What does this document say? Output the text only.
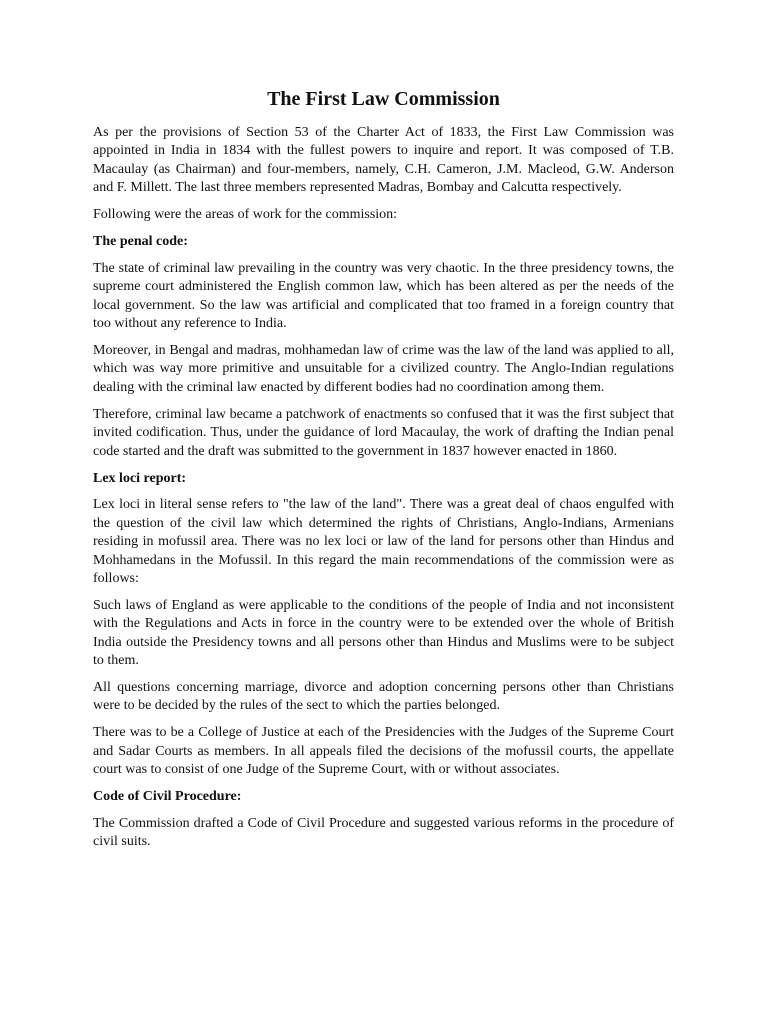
The First Law Commission

As per the provisions of Section 53 of the Charter Act of 1833, the First Law Commission was appointed in India in 1834 with the fullest powers to inquire and report. It was composed of T.B. Macaulay (as Chairman) and four-members, namely, C.H. Cameron, J.M. Macleod, G.W. Anderson and F. Millett. The last three members represented Madras, Bombay and Calcutta respectively.

Following were the areas of work for the commission:

The penal code:

The state of criminal law prevailing in the country was very chaotic. In the three presidency towns, the supreme court administered the English common law, which has been altered as per the needs of the local government. So the law was artificial and complicated that too framed in a foreign country that too without any reference to India.

Moreover, in Bengal and madras, mohhamedan law of crime was the law of the land was applied to all, which was way more primitive and unsuitable for a civilized country. The Anglo-Indian regulations dealing with the criminal law enacted by different bodies had no coordination among them.

Therefore, criminal law became a patchwork of enactments so confused that it was the first subject that invited codification. Thus, under the guidance of lord Macaulay, the work of drafting the Indian penal code started and the draft was submitted to the government in 1837 however enacted in 1860.

Lex loci report:

Lex loci in literal sense refers to "the law of the land". There was a great deal of chaos engulfed with the question of the civil law which determined the rights of Christians, Anglo-Indians, Armenians residing in mofussil area. There was no lex loci or law of the land for persons other than Hindus and Mohhamedans in the Mofussil. In this regard the main recommendations of the commission were as follows:

Such laws of England as were applicable to the conditions of the people of India and not inconsistent with the Regulations and Acts in force in the country were to be extended over the whole of British India outside the Presidency towns and all persons other than Hindus and Muslims were to be subject to them.

All questions concerning marriage, divorce and adoption concerning persons other than Christians were to be decided by the rules of the sect to which the parties belonged.

There was to be a College of Justice at each of the Presidencies with the Judges of the Supreme Court and Sadar Courts as members. In all appeals filed the decisions of the mofussil courts, the appellate court was to consist of one Judge of the Supreme Court, with or without associates.

Code of Civil Procedure:

The Commission drafted a Code of Civil Procedure and suggested various reforms in the procedure of civil suits.
